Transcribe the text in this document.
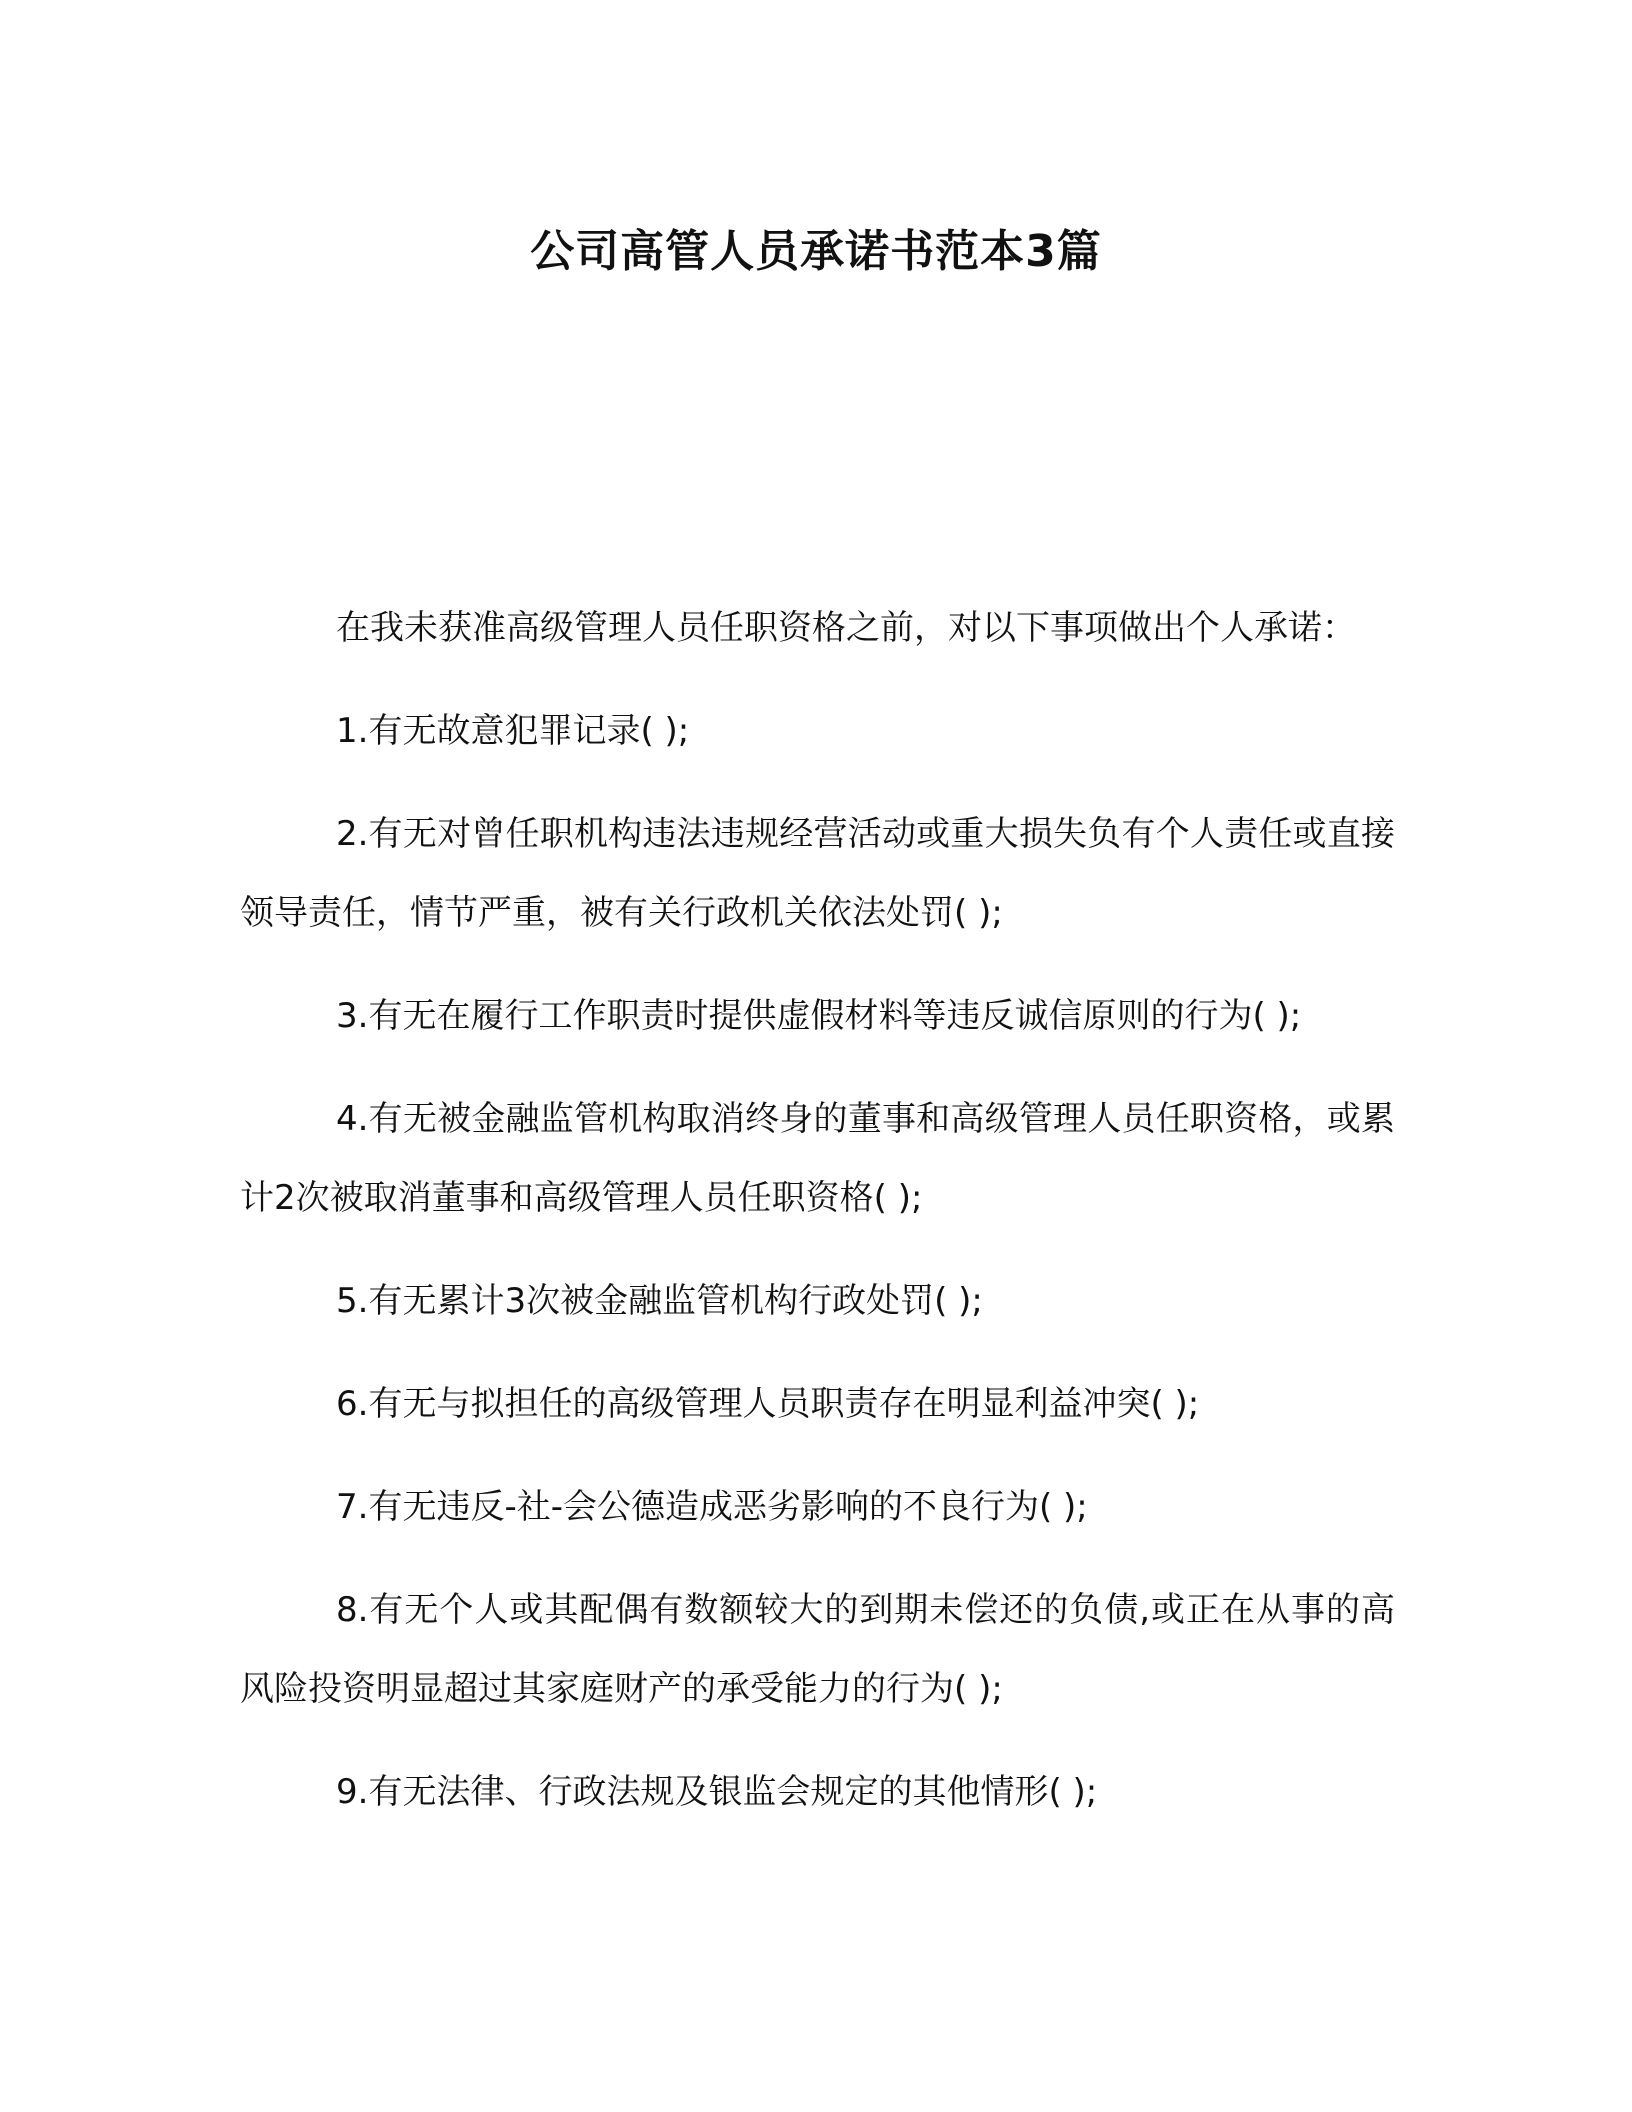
公司高管人员承诺书范本3篇

在我未获准高级管理人员任职资格之前，对以下事项做出个人承诺：

1.有无故意犯罪记录( );

2.有无对曾任职机构违法违规经营活动或重大损失负有个人责任或直接领导责任，情节严重，被有关行政机关依法处罚( );

3.有无在履行工作职责时提供虚假材料等违反诚信原则的行为( );

4.有无被金融监管机构取消终身的董事和高级管理人员任职资格，或累计2次被取消董事和高级管理人员任职资格( );

5.有无累计3次被金融监管机构行政处罚( );

6.有无与拟担任的高级管理人员职责存在明显利益冲突( );

7.有无违反-社-会公德造成恶劣影响的不良行为( );

8.有无个人或其配偶有数额较大的到期未偿还的负债,或正在从事的高风险投资明显超过其家庭财产的承受能力的行为( );

9.有无法律、行政法规及银监会规定的其他情形( );
